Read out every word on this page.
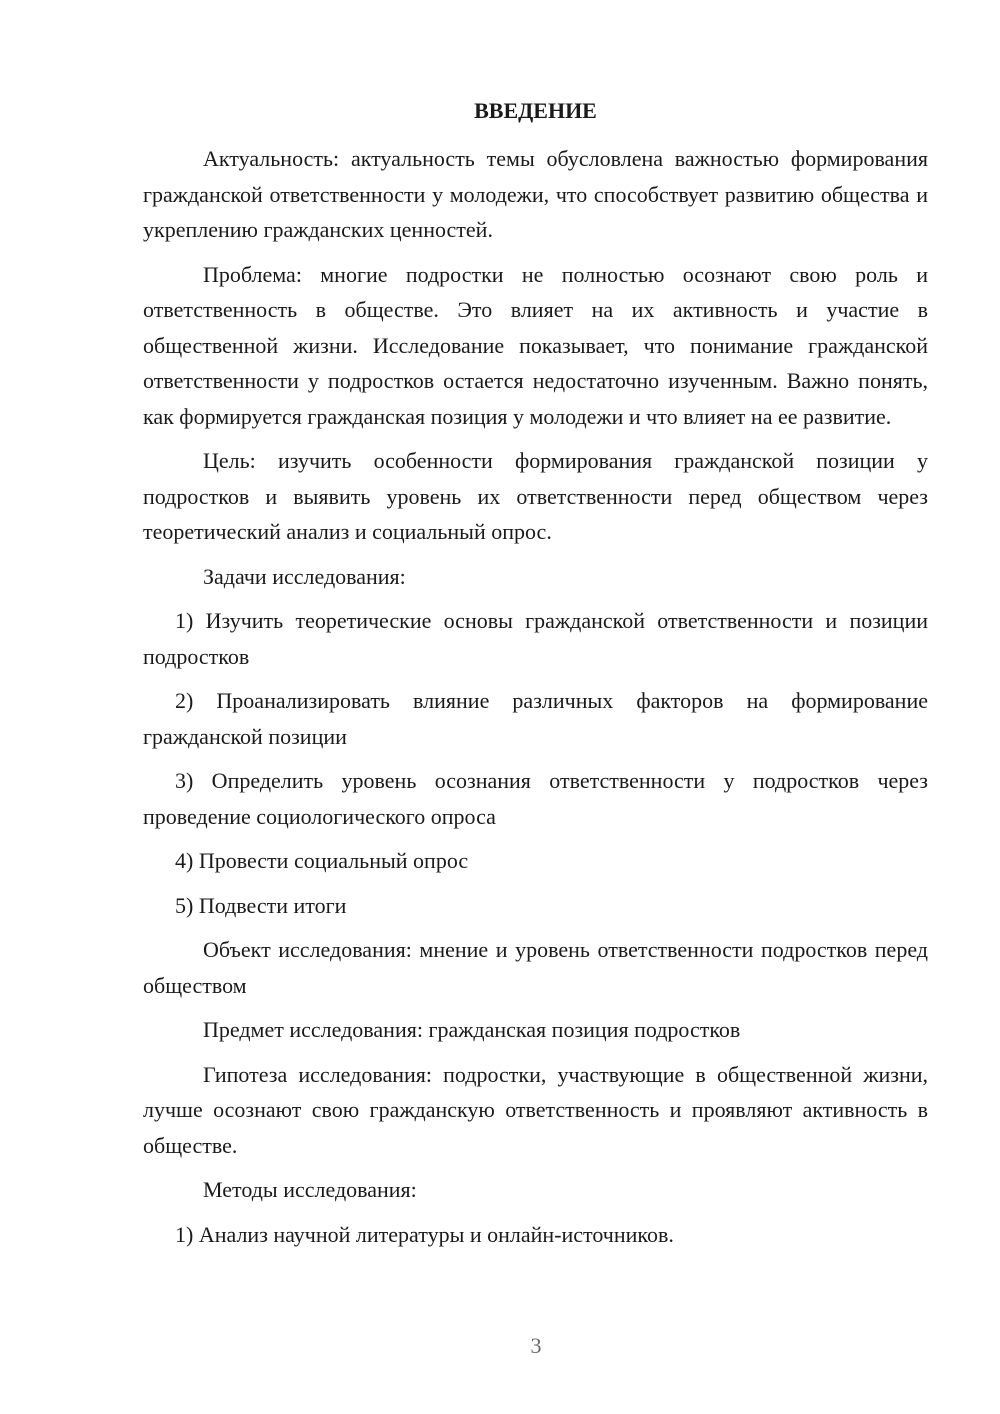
ВВЕДЕНИЕ

Актуальность: актуальность темы обусловлена важностью формирования гражданской ответственности у молодежи, что способствует развитию общества и укреплению гражданских ценностей.

Проблема: многие подростки не полностью осознают свою роль и ответственность в обществе. Это влияет на их активность и участие в общественной жизни. Исследование показывает, что понимание гражданской ответственности у подростков остается недостаточно изученным. Важно понять, как формируется гражданская позиция у молодежи и что влияет на ее развитие.

Цель: изучить особенности формирования гражданской позиции у подростков и выявить уровень их ответственности перед обществом через теоретический анализ и социальный опрос.

Задачи исследования:

1) Изучить теоретические основы гражданской ответственности и позиции подростков

2) Проанализировать влияние различных факторов на формирование гражданской позиции

3) Определить уровень осознания ответственности у подростков через проведение социологического опроса

4) Провести социальный опрос

5) Подвести итоги

Объект исследования: мнение и уровень ответственности подростков перед обществом

Предмет исследования: гражданская позиция подростков

Гипотеза исследования: подростки, участвующие в общественной жизни, лучше осознают свою гражданскую ответственность и проявляют активность в обществе.

Методы исследования:

1) Анализ научной литературы и онлайн-источников.

3
